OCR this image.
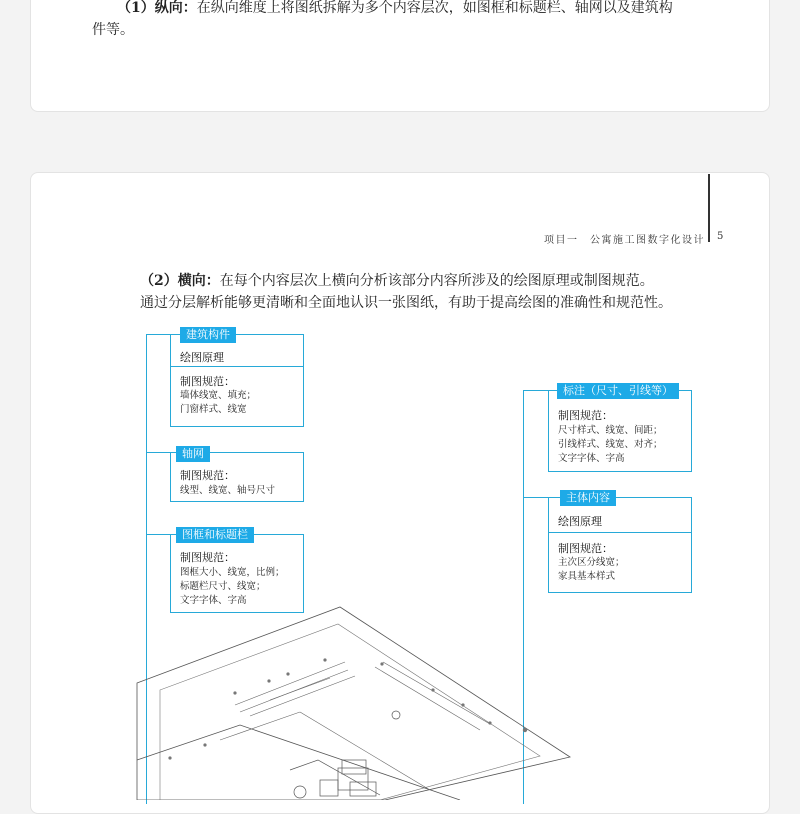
（1）纵向：在纵向维度上将图纸拆解为多个内容层次，如图框和标题栏、轴网以及建筑构
件等。
项目一　公寓施工图数字化设计 5
（2）横向：在每个内容层次上横向分析该部分内容所涉及的绘图原理或制图规范。
通过分层解析能够更清晰和全面地认识一张图纸，有助于提高绘图的准确性和规范性。
绘图原理
制图规范：
墙体线宽、填充；
门窗样式、线宽
建筑构件
制图规范：
线型、线宽、轴号尺寸
轴网
制图规范：
图框大小、线宽，比例；
标题栏尺寸、线宽；
文字字体、字高
图框和标题栏
制图规范：
尺寸样式、线宽、间距；
引线样式、线宽、对齐；
文字字体、字高
标注（尺寸、引线等）
绘图原理
制图规范：
主次区分线宽；
家具基本样式
主体内容
